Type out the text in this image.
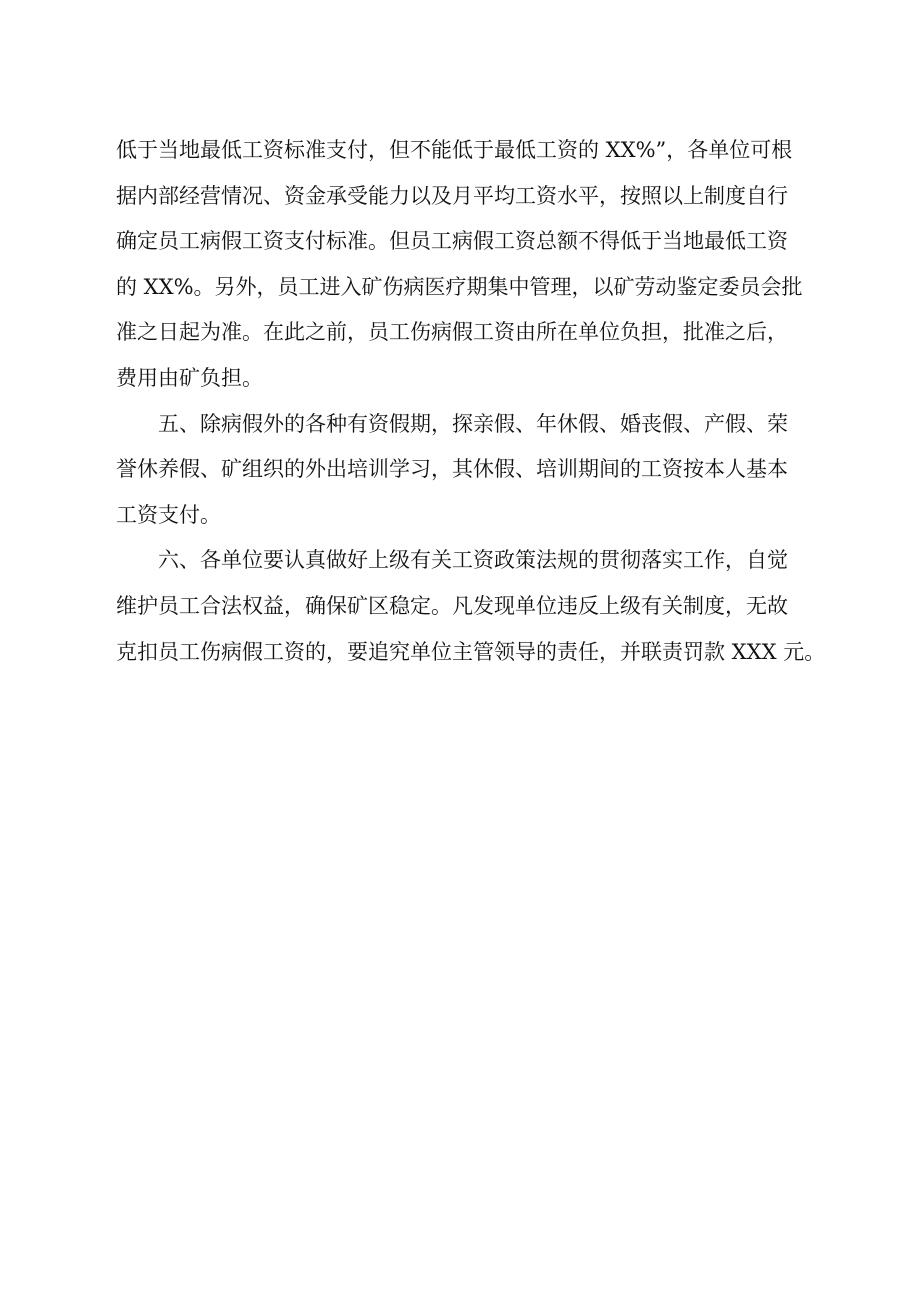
低于当地最低工资标准支付，但不能低于最低工资的 XX%”，各单位可根

据内部经营情况、资金承受能力以及月平均工资水平，按照以上制度自行

确定员工病假工资支付标准。但员工病假工资总额不得低于当地最低工资

的 XX%。另外，员工进入矿伤病医疗期集中管理，以矿劳动鉴定委员会批

准之日起为准。在此之前，员工伤病假工资由所在单位负担，批准之后，

费用由矿负担。

五、除病假外的各种有资假期，探亲假、年休假、婚丧假、产假、荣

誉休养假、矿组织的外出培训学习，其休假、培训期间的工资按本人基本

工资支付。

六、各单位要认真做好上级有关工资政策法规的贯彻落实工作，自觉

维护员工合法权益，确保矿区稳定。凡发现单位违反上级有关制度，无故

克扣员工伤病假工资的，要追究单位主管领导的责任，并联责罚款 XXX 元。
